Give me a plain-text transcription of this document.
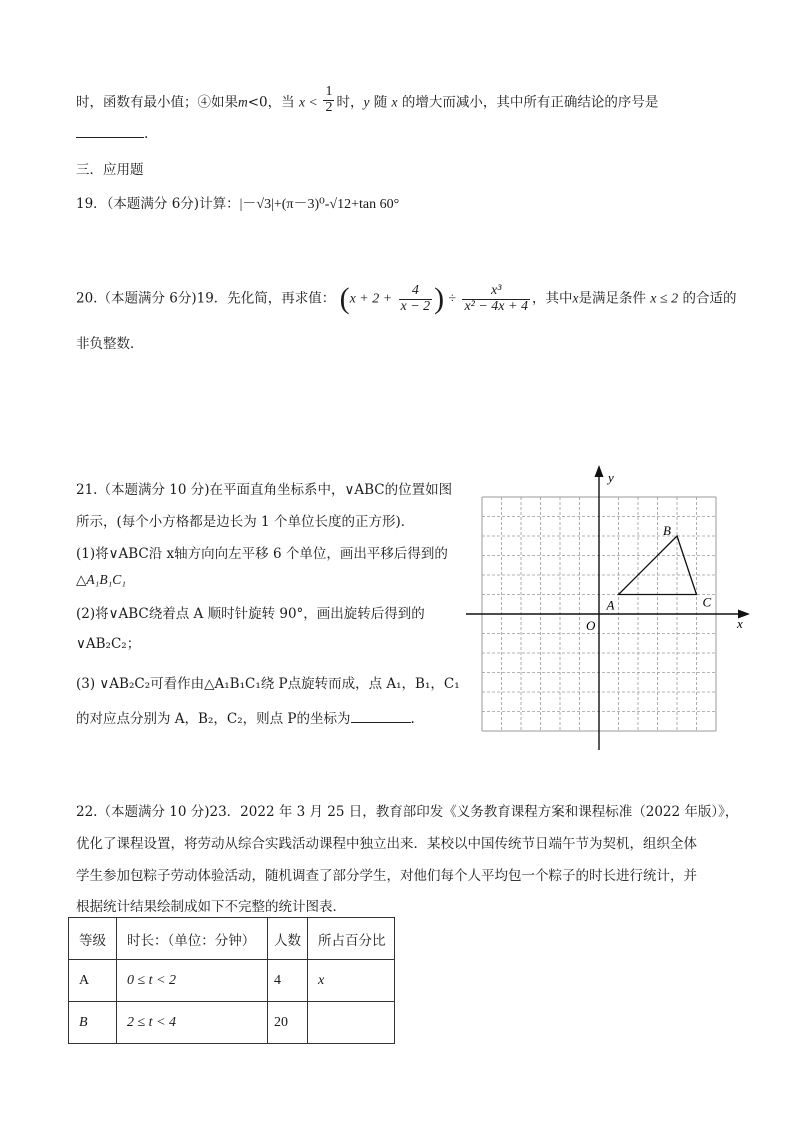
时，函数有最小值；④如果m<0，当 $x < \frac{1}{2}$ 时，y 随 x 的增大而减小，其中所有正确结论的序号是
.
三．应用题
19．（本题满分 6分)计算：|－√3|+(π－3)⁰-√12+tan 60°
20.（本题满分 6分)19．先化简，再求值： ($x + 2 + \frac{4}{x - 2}$ ) ÷ $\frac{\text{x³}}{\text{x² − 4x + 4}}$ ，其中x是满足条件 x ≤ 2 的合适的
非负整数．
21.（本题满分 10 分)在平面直角坐标系中，∨ABC的位置如图
所示，(每个小方格都是边长为 1 个单位长度的正方形)．
(1)将∨ABC沿 x轴方向向左平移 6 个单位，画出平移后得到的
△A₁B₁C₁
(2)将∨ABC绕着点 A 顺时针旋转 90°，画出旋转后得到的
∨AB₂C₂；
(3) ∨AB₂C₂可看作由△A₁B₁C₁绕 P点旋转而成，点 A₁，B₁，C₁
的对应点分别为 A，B₂，C₂，则点 P的坐标为	.
y
x
O
A
B
C
22.（本题满分 10 分)23．2022 年 3 月 25 日，教育部印发《义务教育课程方案和课程标准（2022 年版）》，
优化了课程设置，将劳动从综合实践活动课程中独立出来．某校以中国传统节日端午节为契机，组织全体
学生参加包粽子劳动体验活动，随机调查了部分学生，对他们每个人平均包一个粽子的时长进行统计，并
根据统计结果绘制成如下不完整的统计图表．
等级	时长：（单位：分钟）	人数	所占百分比
A	0 ≤ t < 2	4	x
B	2 ≤ t < 4	20	
